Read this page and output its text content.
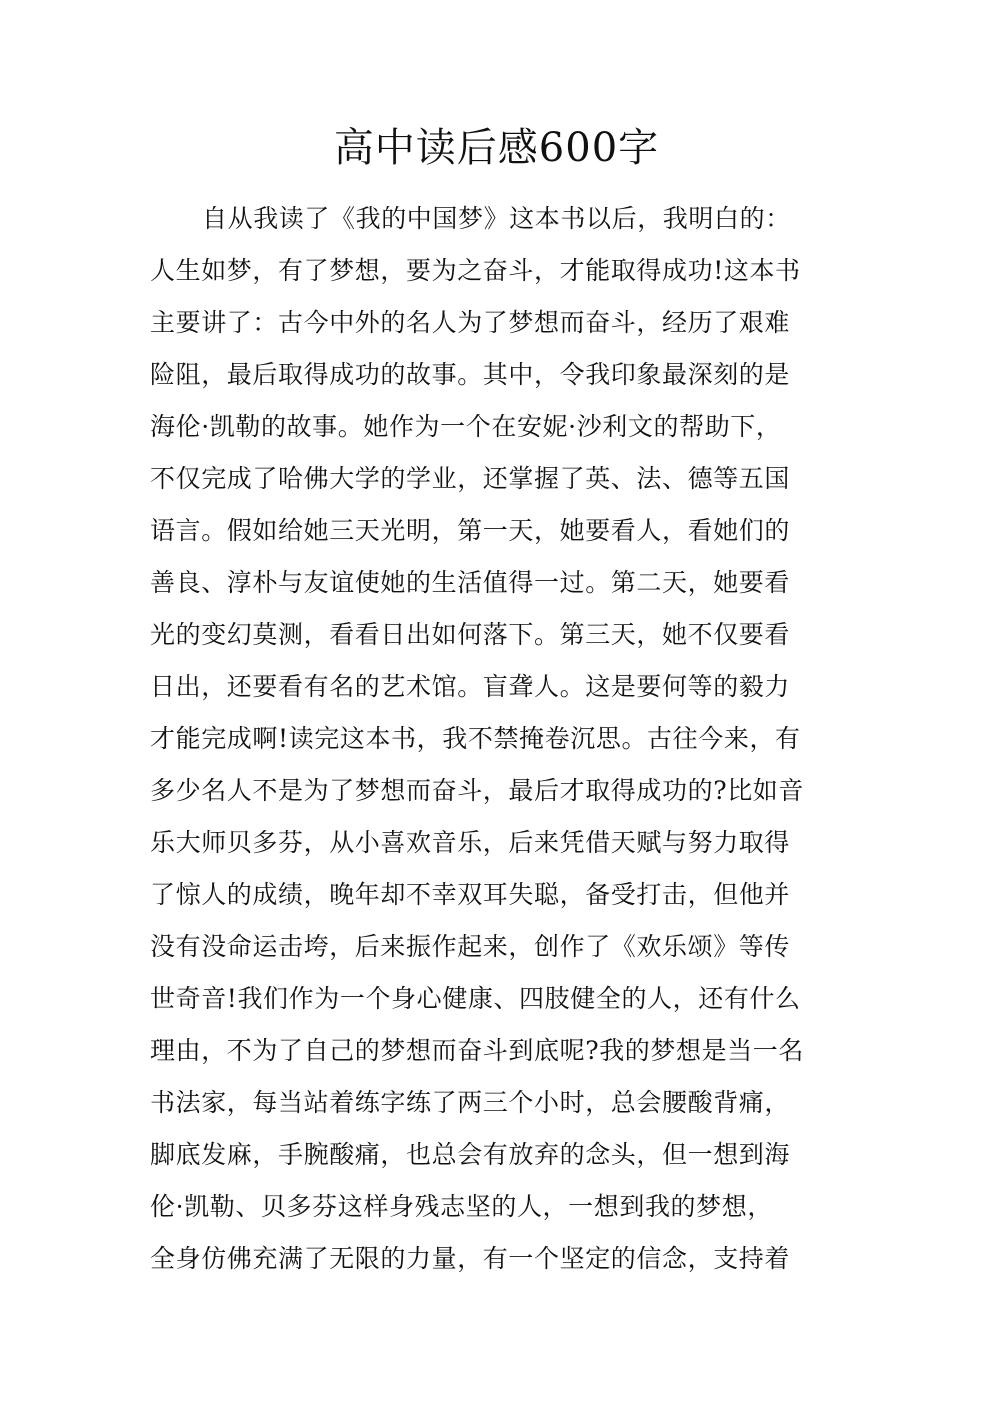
高中读后感600字
自从我读了《我的中国梦》这本书以后，我明白的：
人生如梦，有了梦想，要为之奋斗，才能取得成功!这本书
主要讲了：古今中外的名人为了梦想而奋斗，经历了艰难
险阻，最后取得成功的故事。其中，令我印象最深刻的是
海伦·凯勒的故事。她作为一个在安妮·沙利文的帮助下，
不仅完成了哈佛大学的学业，还掌握了英、法、德等五国
语言。假如给她三天光明，第一天，她要看人，看她们的
善良、淳朴与友谊使她的生活值得一过。第二天，她要看
光的变幻莫测，看看日出如何落下。第三天，她不仅要看
日出，还要看有名的艺术馆。盲聋人。这是要何等的毅力
才能完成啊!读完这本书，我不禁掩卷沉思。古往今来，有
多少名人不是为了梦想而奋斗，最后才取得成功的?比如音
乐大师贝多芬，从小喜欢音乐，后来凭借天赋与努力取得
了惊人的成绩，晚年却不幸双耳失聪，备受打击，但他并
没有没命运击垮，后来振作起来，创作了《欢乐颂》等传
世奇音!我们作为一个身心健康、四肢健全的人，还有什么
理由，不为了自己的梦想而奋斗到底呢?我的梦想是当一名
书法家，每当站着练字练了两三个小时，总会腰酸背痛，
脚底发麻，手腕酸痛，也总会有放弃的念头，但一想到海
伦·凯勒、贝多芬这样身残志坚的人，一想到我的梦想，
全身仿佛充满了无限的力量，有一个坚定的信念，支持着
